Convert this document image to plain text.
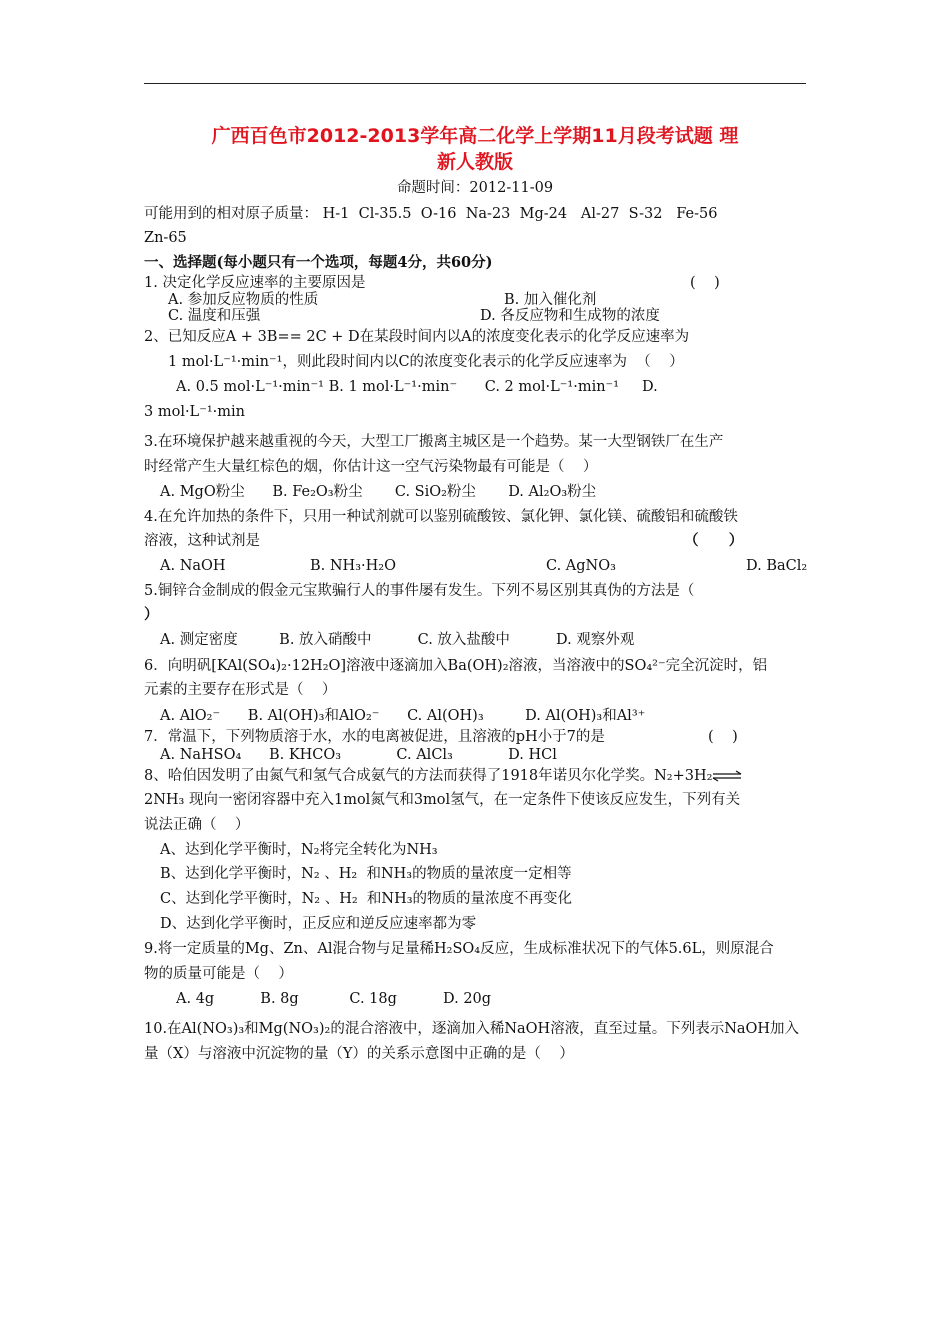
广西百色市2012-2013学年高二化学上学期11月段考试题 理
新人教版
命题时间：2012-11-09
可能用到的相对原子质量： H-1  Cl-35.5  O-16  Na-23  Mg-24   Al-27  S-32   Fe-56
Zn-65
一、选择题(每小题只有一个选项，每题4分，共60分)
1. 决定化学反应速率的主要原因是	(    )
A. 参加反应物质的性质	B. 加入催化剂
C. 温度和压强	D. 各反应物和生成物的浓度
2、已知反应A + 3B== 2C + D在某段时间内以A的浓度变化表示的化学反应速率为
1 mol·L⁻¹·min⁻¹，则此段时间内以C的浓度变化表示的化学反应速率为  （    ）
A. 0.5 mol·L⁻¹·min⁻¹ B. 1 mol·L⁻¹·min⁻      C. 2 mol·L⁻¹·min⁻¹     D.
3 mol·L⁻¹·min
3.在环境保护越来越重视的今天，大型工厂搬离主城区是一个趋势。某一大型钢铁厂在生产
时经常产生大量红棕色的烟，你估计这一空气污染物最有可能是（    ）
A. MgO粉尘      B. Fe₂O₃粉尘       C. SiO₂粉尘       D. Al₂O₃粉尘
4.在允许加热的条件下，只用一种试剂就可以鉴别硫酸铵、氯化钾、氯化镁、硫酸铝和硫酸铁
溶液，这种试剂是	（      ）
A. NaOH	B. NH₃·H₂O	C. AgNO₃	D. BaCl₂
5.铜锌合金制成的假金元宝欺骗行人的事件屡有发生。下列不易区别其真伪的方法是（
）
A. 测定密度         B. 放入硝酸中          C. 放入盐酸中          D. 观察外观
6．向明矾[KAl(SO₄)₂·12H₂O]溶液中逐滴加入Ba(OH)₂溶液，当溶液中的SO₄²⁻完全沉淀时，铝
元素的主要存在形式是（    ）
A. AlO₂⁻      B. Al(OH)₃和AlO₂⁻      C. Al(OH)₃         D. Al(OH)₃和Al³⁺
7．常温下，下列物质溶于水，水的电离被促进，且溶液的pH小于7的是	(    )
A. NaHSO₄      B. KHCO₃            C. AlCl₃            D. HCl
8、哈伯因发明了由氮气和氢气合成氨气的方法而获得了1918年诺贝尔化学奖。N₂+3H₂⇌
2NH₃ 现向一密闭容器中充入1mol氮气和3mol氢气，在一定条件下使该反应发生，下列有关
说法正确（    ）
A、达到化学平衡时，N₂将完全转化为NH₃
B、达到化学平衡时，N₂ 、H₂  和NH₃的物质的量浓度一定相等
C、达到化学平衡时，N₂ 、H₂  和NH₃的物质的量浓度不再变化
D、达到化学平衡时，正反应和逆反应速率都为零
9.将一定质量的Mg、Zn、Al混合物与足量稀H₂SO₄反应，生成标准状况下的气体5.6L，则原混合
物的质量可能是（    ）
A. 4g          B. 8g           C. 18g          D. 20g
10.在Al(NO₃)₃和Mg(NO₃)₂的混合溶液中，逐滴加入稀NaOH溶液，直至过量。下列表示NaOH加入
量（X）与溶液中沉淀物的量（Y）的关系示意图中正确的是（    ）
